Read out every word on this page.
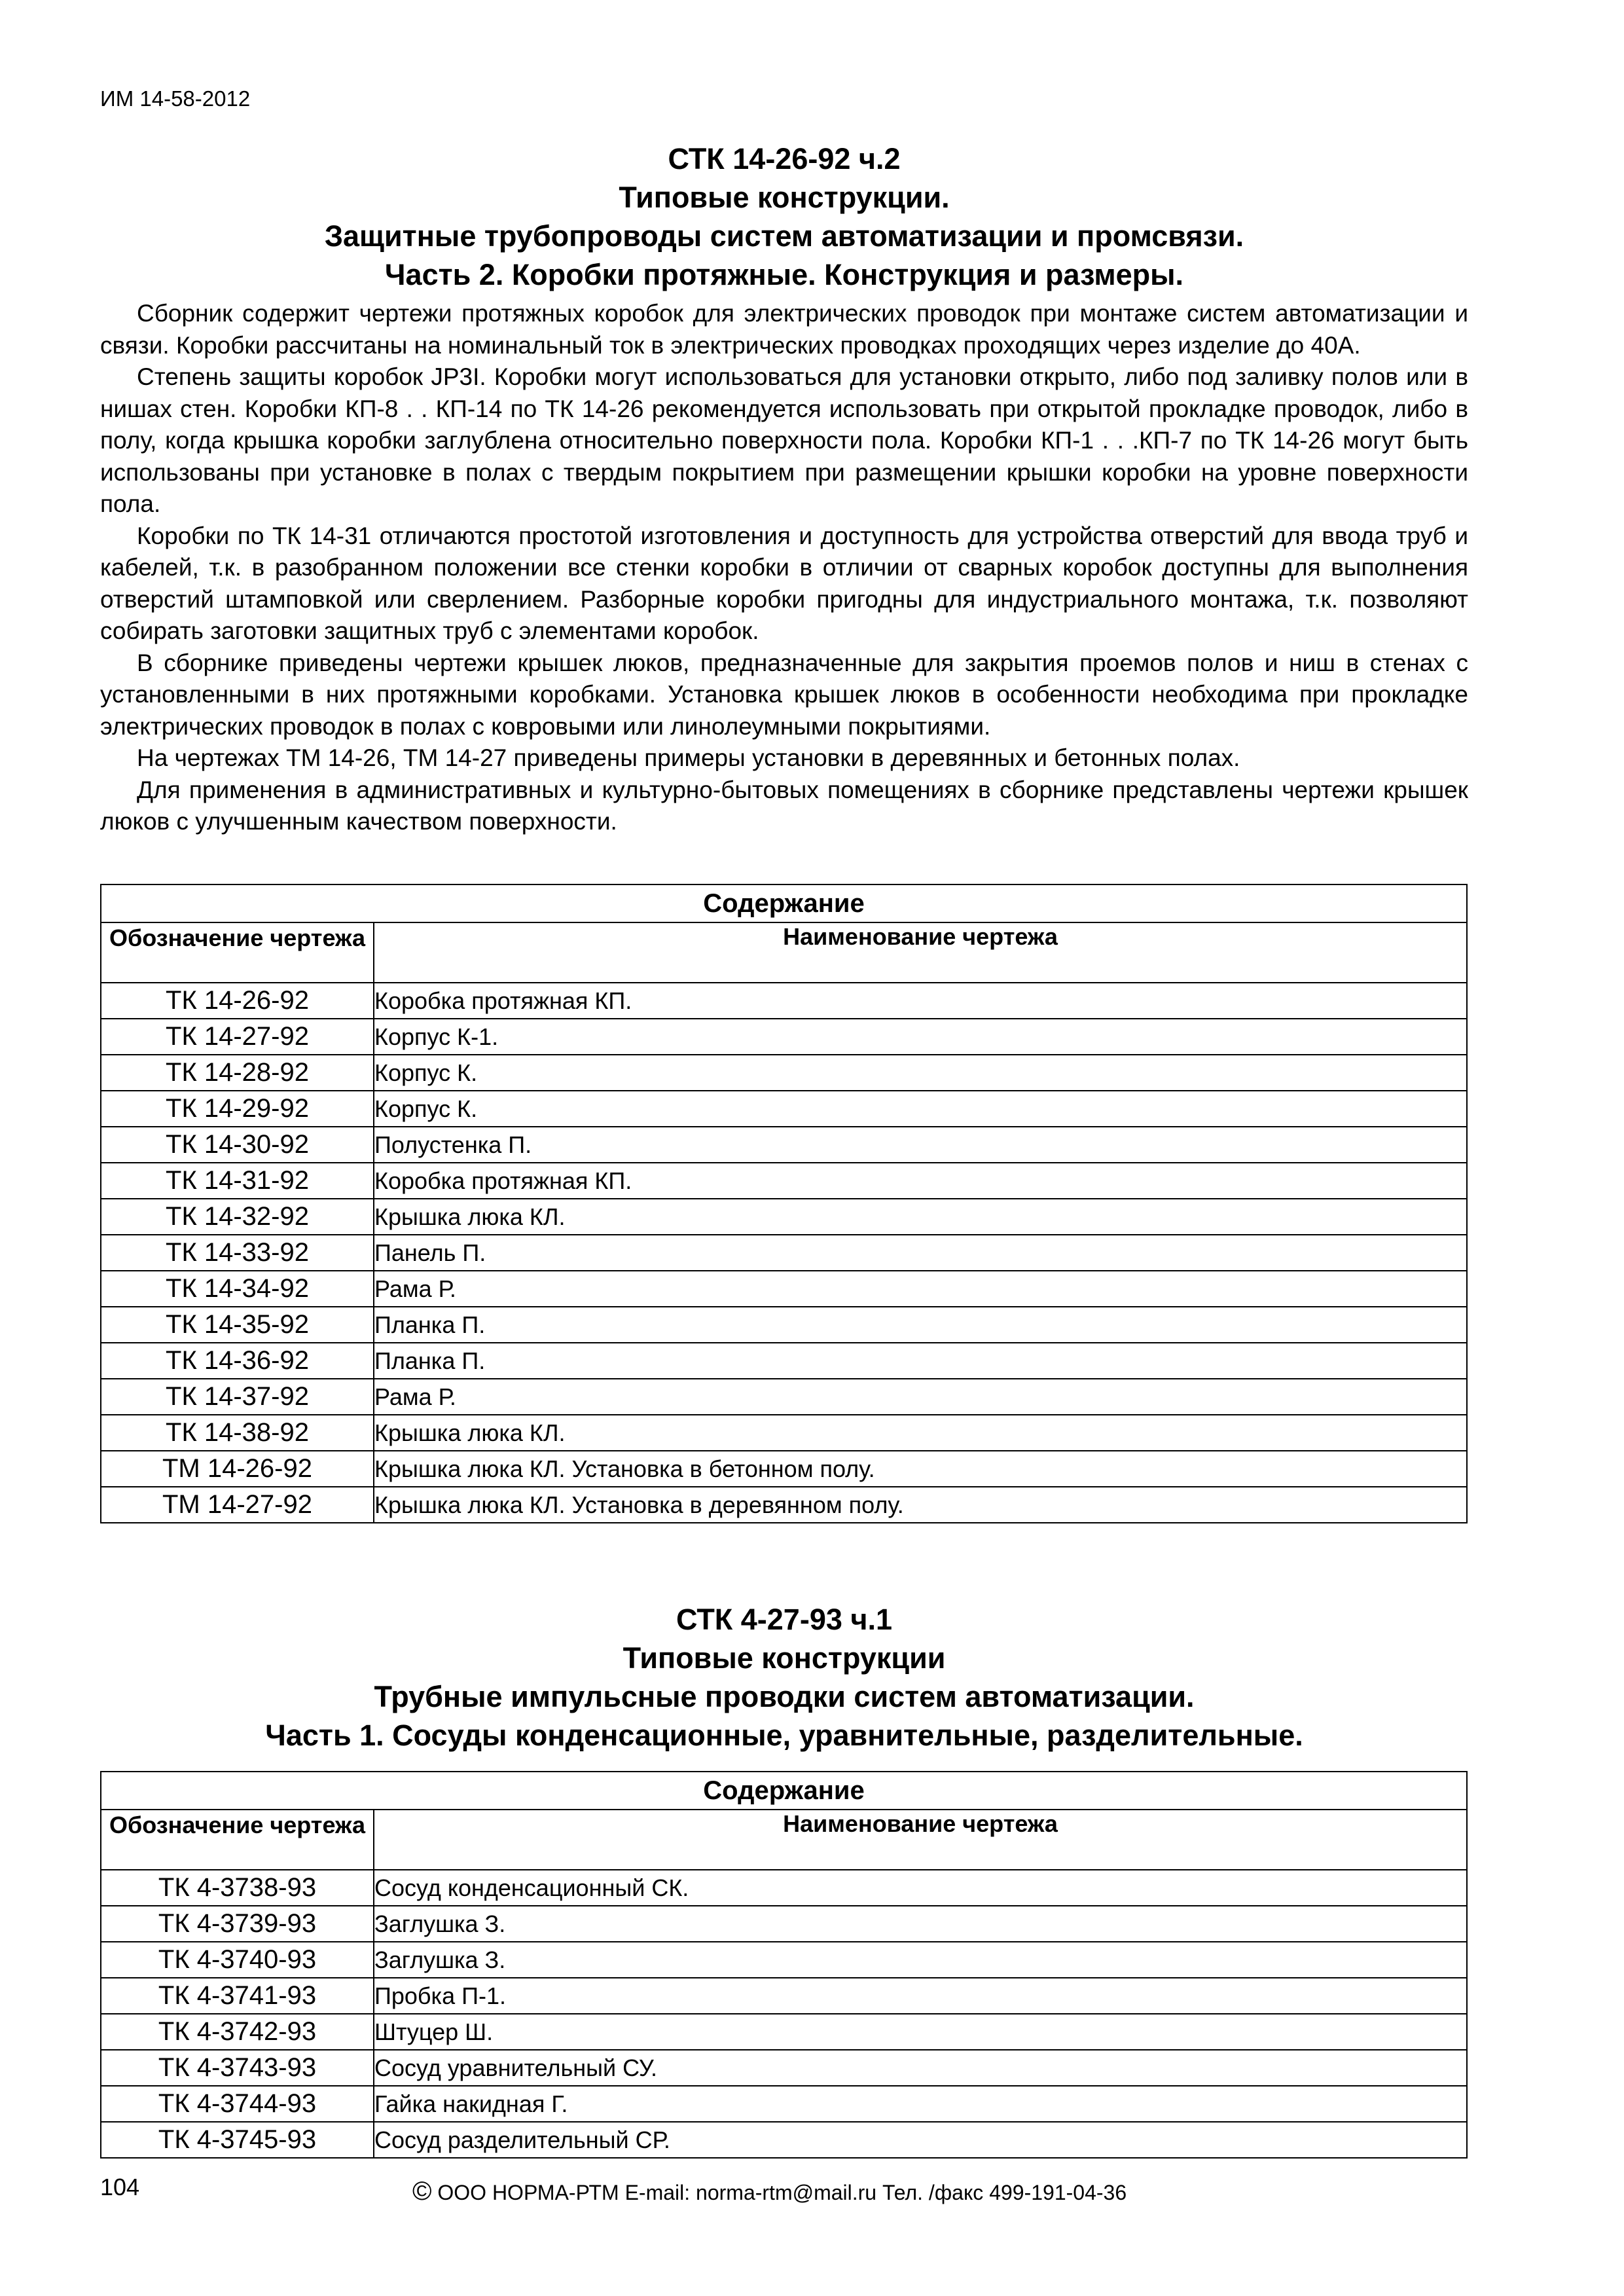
ИМ 14-58-2012
СТК 14-26-92 ч.2
Типовые конструкции.
Защитные трубопроводы систем автоматизации и промсвязи.
Часть 2. Коробки протяжные. Конструкция и размеры.

Сборник содержит чертежи протяжных коробок для электрических проводок при монтаже систем автоматизации и связи. Коробки рассчитаны на номинальный ток в электрических проводках проходящих через изделие до 40А.

Степень защиты коробок JP3I. Коробки могут использоваться для установки открыто, либо под заливку полов или в нишах стен. Коробки КП-8 . . КП-14 по ТК 14-26 рекомендуется использовать при открытой прокладке проводок, либо в полу, когда крышка коробки заглублена относительно поверхности пола. Коробки КП-1 . . .КП-7 по ТК 14-26 могут быть использованы при установке в полах с твердым покрытием при размещении крышки коробки на уровне поверхности пола.

Коробки по ТК 14-31 отличаются простотой изготовления и доступность для устройства отверстий для ввода труб и кабелей, т.к. в разобранном положении все стенки коробки в отличии от сварных коробок доступны для выполнения отверстий штамповкой или сверлением. Разборные коробки пригодны для индустриального монтажа, т.к. позволяют собирать заготовки защитных труб с элементами коробок.

В сборнике приведены чертежи крышек люков, предназначенные для закрытия проемов полов и ниш в стенах с установленными в них протяжными коробками. Установка крышек люков в особенности необходима при прокладке электрических проводок в полах с ковровыми или линолеумными покрытиями.

На чертежах ТМ 14-26, ТМ 14-27 приведены примеры установки в деревянных и бетонных полах.

Для применения в административных и культурно-бытовых помещениях в сборнике представлены чертежи крышек люков с улучшенным качеством поверхности.

Содержание	
Обозначение чертежа	Наименование чертежа
ТК 14-26-92	Коробка протяжная КП.
ТК 14-27-92	Корпус К-1.
ТК 14-28-92	Корпус К.
ТК 14-29-92	Корпус К.
ТК 14-30-92	Полустенка П.
ТК 14-31-92	Коробка протяжная КП.
ТК 14-32-92	Крышка люка КЛ.
ТК 14-33-92	Панель П.
ТК 14-34-92	Рама Р.
ТК 14-35-92	Планка П.
ТК 14-36-92	Планка П.
ТК 14-37-92	Рама Р.
ТК 14-38-92	Крышка люка КЛ.
ТМ 14-26-92	Крышка люка КЛ. Установка в бетонном полу.
ТМ 14-27-92	Крышка люка КЛ. Установка в деревянном полу.
СТК 4-27-93 ч.1
Типовые конструкции
Трубные импульсные проводки систем автоматизации.
Часть 1. Сосуды конденсационные, уравнительные, разделительные.
Содержание	
Обозначение чертежа	Наименование чертежа
ТК 4-3738-93	Сосуд конденсационный СК.
ТК 4-3739-93	Заглушка З.
ТК 4-3740-93	Заглушка З.
ТК 4-3741-93	Пробка П-1.
ТК 4-3742-93	Штуцер Ш.
ТК 4-3743-93	Сосуд уравнительный СУ.
ТК 4-3744-93	Гайка накидная Г.
ТК 4-3745-93	Сосуд разделительный СР.
104	© ООО НОРМА-РТМ E-mail: norma-rtm@mail.ru Тел. /факс 499-191-04-36
